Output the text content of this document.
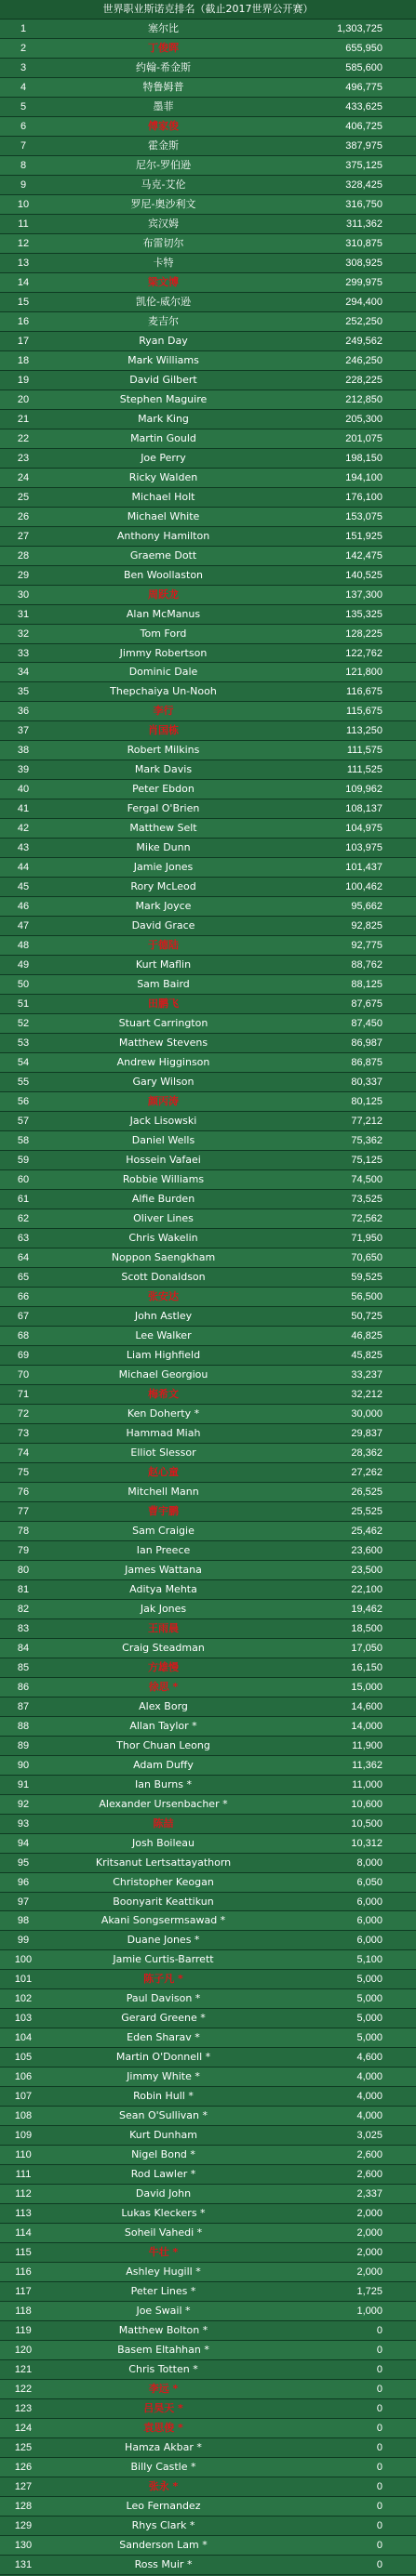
世界职业斯诺克排名（截止2017世界公开赛）
1	塞尔比	1,303,725
2	丁俊晖	655,950
3	约翰-希金斯	585,600
4	特鲁姆普	496,775
5	墨菲	433,625
6	傅家俊	406,725
7	霍金斯	387,975
8	尼尔-罗伯逊	375,125
9	马克-艾伦	328,425
10	罗尼-奥沙利文	316,750
11	宾汉姆	311,362
12	布雷切尔	310,875
13	卡特	308,925
14	梁文博	299,975
15	凯伦-威尔逊	294,400
16	麦吉尔	252,250
17	Ryan Day	249,562
18	Mark Williams	246,250
19	David Gilbert	228,225
20	Stephen Maguire	212,850
21	Mark King	205,300
22	Martin Gould	201,075
23	Joe Perry	198,150
24	Ricky Walden	194,100
25	Michael Holt	176,100
26	Michael White	153,075
27	Anthony Hamilton	151,925
28	Graeme Dott	142,475
29	Ben Woollaston	140,525
30	周跃龙	137,300
31	Alan McManus	135,325
32	Tom Ford	128,225
33	Jimmy Robertson	122,762
34	Dominic Dale	121,800
35	Thepchaiya Un-Nooh	116,675
36	李行	115,675
37	肖国栋	113,250
38	Robert Milkins	111,575
39	Mark Davis	111,525
40	Peter Ebdon	109,962
41	Fergal O'Brien	108,137
42	Matthew Selt	104,975
43	Mike Dunn	103,975
44	Jamie Jones	101,437
45	Rory McLeod	100,462
46	Mark Joyce	95,662
47	David Grace	92,825
48	于德陆	92,775
49	Kurt Maflin	88,762
50	Sam Baird	88,125
51	田鹏飞	87,675
52	Stuart Carrington	87,450
53	Matthew Stevens	86,987
54	Andrew Higginson	86,875
55	Gary Wilson	80,337
56	颜丙涛	80,125
57	Jack Lisowski	77,212
58	Daniel Wells	75,362
59	Hossein Vafaei	75,125
60	Robbie Williams	74,500
61	Alfie Burden	73,525
62	Oliver Lines	72,562
63	Chris Wakelin	71,950
64	Noppon Saengkham	70,650
65	Scott Donaldson	59,525
66	张安达	56,500
67	John Astley	50,725
68	Lee Walker	46,825
69	Liam Highfield	45,825
70	Michael Georgiou	33,237
71	梅希文	32,212
72	Ken Doherty *	30,000
73	Hammad Miah	29,837
74	Elliot Slessor	28,362
75	赵心童	27,262
76	Mitchell Mann	26,525
77	曹宇鹏	25,525
78	Sam Craigie	25,462
79	Ian Preece	23,600
80	James Wattana	23,500
81	Aditya Mehta	22,100
82	Jak Jones	19,462
83	王雨晨	18,500
84	Craig Steadman	17,050
85	方雄慢	16,150
86	徐思 *	15,000
87	Alex Borg	14,600
88	Allan Taylor *	14,000
89	Thor Chuan Leong	11,900
90	Adam Duffy	11,362
91	Ian Burns *	11,000
92	Alexander Ursenbacher *	10,600
93	陈喆	10,500
94	Josh Boileau	10,312
95	Kritsanut Lertsattayathorn	8,000
96	Christopher Keogan	6,050
97	Boonyarit Keattikun	6,000
98	Akani Songsermsawad *	6,000
99	Duane Jones *	6,000
100	Jamie Curtis-Barrett	5,100
101	陈子凡 *	5,000
102	Paul Davison *	5,000
103	Gerard Greene *	5,000
104	Eden Sharav *	5,000
105	Martin O'Donnell *	4,600
106	Jimmy White *	4,000
107	Robin Hull *	4,000
108	Sean O'Sullivan *	4,000
109	Kurt Dunham	3,025
110	Nigel Bond *	2,600
111	Rod Lawler *	2,600
112	David John	2,337
113	Lukas Kleckers *	2,000
114	Soheil Vahedi *	2,000
115	牛壮 *	2,000
116	Ashley Hugill *	2,000
117	Peter Lines *	1,725
118	Joe Swail *	1,000
119	Matthew Bolton *	0
120	Basem Eltahhan *	0
121	Chris Totten *	0
122	李远 *	0
123	吕昊天 *	0
124	袁思俊 *	0
125	Hamza Akbar *	0
126	Billy Castle *	0
127	张永 *	0
128	Leo Fernandez	0
129	Rhys Clark *	0
130	Sanderson Lam *	0
131	Ross Muir *	0
